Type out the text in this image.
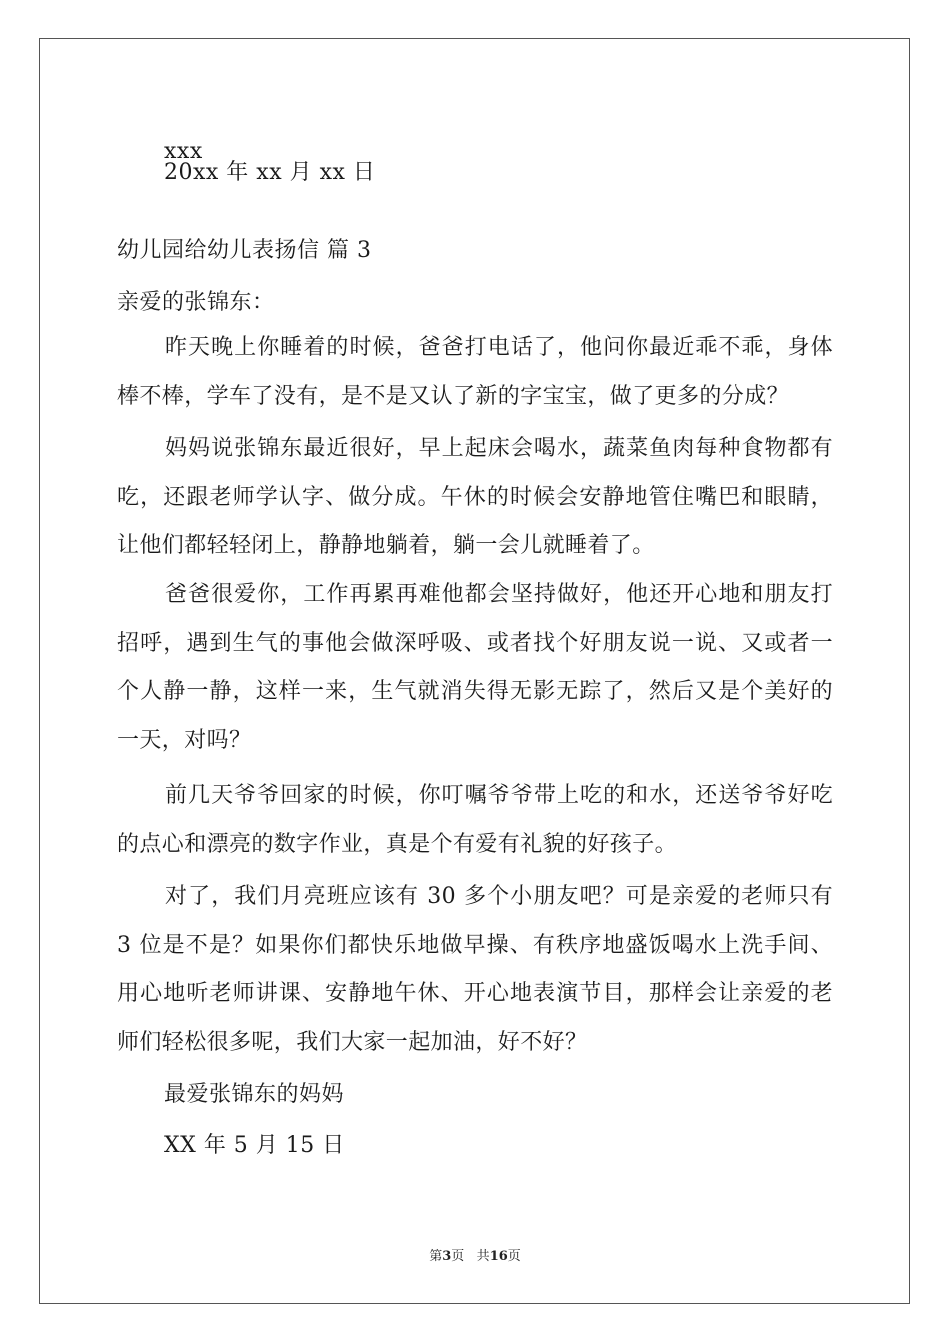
xxx

20xx 年 xx 月 xx 日

幼儿园给幼儿表扬信 篇 3

亲爱的张锦东：

昨天晚上你睡着的时候，爸爸打电话了，他问你最近乖不乖，身体棒不棒，学车了没有，是不是又认了新的字宝宝，做了更多的分成？

妈妈说张锦东最近很好，早上起床会喝水，蔬菜鱼肉每种食物都有吃，还跟老师学认字、做分成。午休的时候会安静地管住嘴巴和眼睛，让他们都轻轻闭上，静静地躺着，躺一会儿就睡着了。

爸爸很爱你，工作再累再难他都会坚持做好，他还开心地和朋友打招呼，遇到生气的事他会做深呼吸、或者找个好朋友说一说、又或者一个人静一静，这样一来，生气就消失得无影无踪了，然后又是个美好的一天，对吗？

前几天爷爷回家的时候，你叮嘱爷爷带上吃的和水，还送爷爷好吃的点心和漂亮的数字作业，真是个有爱有礼貌的好孩子。

对了，我们月亮班应该有 30 多个小朋友吧？可是亲爱的老师只有 3 位是不是？如果你们都快乐地做早操、有秩序地盛饭喝水上洗手间、用心地听老师讲课、安静地午休、开心地表演节目，那样会让亲爱的老师们轻松很多呢，我们大家一起加油，好不好？

最爱张锦东的妈妈

XX 年 5 月 15 日

第3页 共16页
